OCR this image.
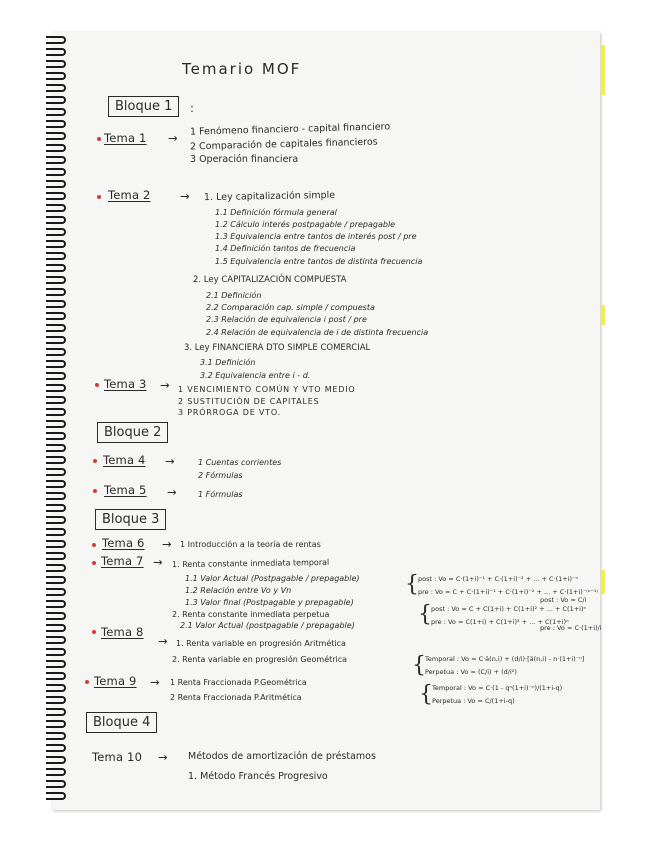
Temario MOF

Bloque 1	:

Tema 1 →

1 Fenómeno financiero - capital financiero

2 Comparación de capitales financieros

3 Operación financiera

Tema 2	→ 1. Ley capitalización simple

1.1 Definición fórmula general

1.2 Cálculo interés postpagable / prepagable

1.3 Equivalencia entre tantos de interés post / pre

1.4 Definición tantos de frecuencia

1.5 Equivalencia entre tantos de distinta frecuencia

2. Ley CAPITALIZACIÓN COMPUESTA

2.1 Definición

2.2 Comparación cap. simple / compuesta

2.3 Relación de equivalencia i post / pre

2.4 Relación de equivalencia de i de distinta frecuencia

3. Ley FINANCIERA DTO SIMPLE COMERCIAL

3.1 Definición

3.2 Equivalencia entre i - d.

Tema 3 → 1 VENCIMIENTO COMÚN Y VTO MEDIO

2 SUSTITUCIÓN DE CAPITALES

3 PRÓRROGA DE VTO.

Bloque 2

Tema 4 →	1 Cuentas corrientes

2 Fórmulas

Tema 5 →	1 Fórmulas

Bloque 3

Tema 6 → 1 Introducción a la teoría de rentas

Tema 7 → 1. Renta constante inmediata temporal

1.1 Valor Actual (Postpagable / prepagable)

1.2 Relación entre Vo y Vn

1.3 Valor final (Postpagable y prepagable)

2. Renta constante inmediata perpetua

2.1 Valor Actual (postpagable / prepagable)

{ post : Vo = C·(1+i)⁻¹ + C·(1+i)⁻² + ... + C·(1+i)⁻ⁿ

pre : Vo = C + C·(1+i)⁻¹ + C·(1+i)⁻² + ... + C·(1+i)⁻⁽ⁿ⁻¹⁾

{ post : Vo = C + C(1+i) + C(1+i)² + ... + C(1+i)ⁿ

pre : Vo = C(1+i) + C(1+i)² + ... + C(1+i)ⁿ

post : Vo = C/i

pre : Vo = C·(1+i)/i

Tema 8

→ 1. Renta variable en progresión Aritmética

2. Renta variable en progresión Geométrica	{ Temporal : Vo = C·ä(n,i) + (d/i)·[ä(n,i) - n·(1+i)⁻ⁿ]

Perpetua : Vo = (C/i) + (d/i²)

{ Temporal : Vo = C·(1 - qⁿ(1+i)⁻ⁿ)/(1+i-q)

Perpetua : Vo = C/(1+i-q)

Tema 9 → 1 Renta Fraccionada P.Geométrica

2 Renta Fraccionada P.Aritmética

Bloque 4

Tema 10 → Métodos de amortización de préstamos

1. Método Francés Progresivo
